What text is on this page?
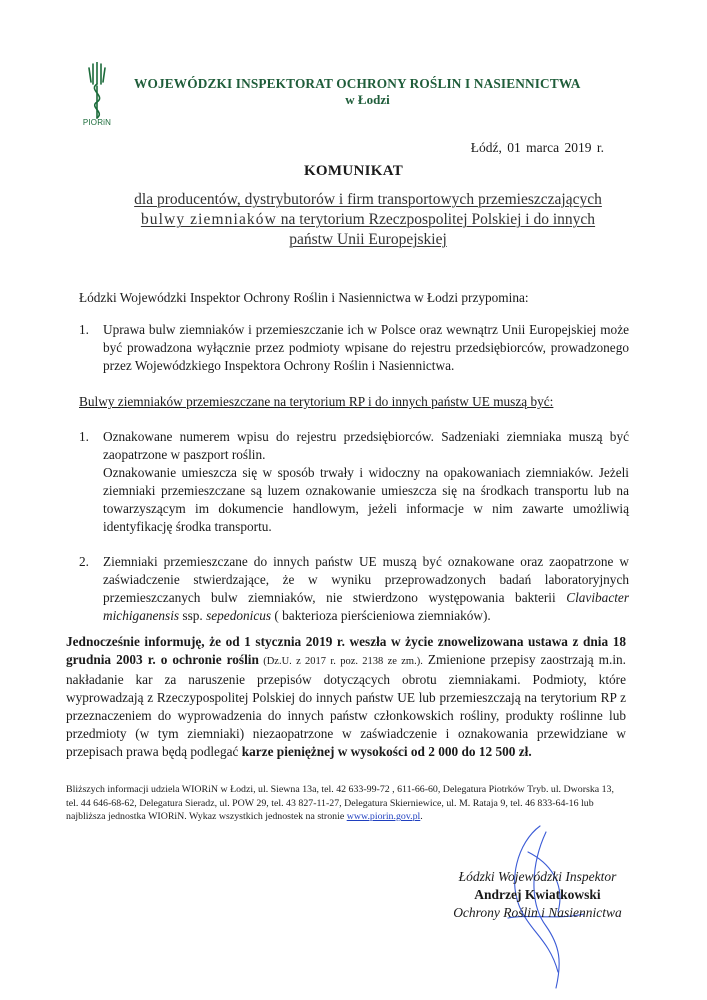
PIORiN
WOJEWÓDZKI INSPEKTORAT OCHRONY ROŚLIN I NASIENNICTWA
w Łodzi
Łódź, 01 marca 2019 r.
KOMUNIKAT
dla producentów, dystrybutorów i firm transportowych przemieszczających
bulwy ziemniaków na terytorium Rzeczpospolitej Polskiej i do innych
państw Unii Europejskiej
Łódzki Wojewódzki Inspektor Ochrony Roślin i Nasiennictwa w Łodzi przypomina:
1.	Uprawa bulw ziemniaków i przemieszczanie ich w Polsce oraz wewnątrz Unii Europejskiej może być prowadzona wyłącznie przez podmioty wpisane do rejestru przedsiębiorców, prowadzonego przez Wojewódzkiego Inspektora Ochrony Roślin i Nasiennictwa.
Bulwy ziemniaków przemieszczane na terytorium RP i do innych państw UE muszą być:
1.	Oznakowane numerem wpisu do rejestru przedsiębiorców. Sadzeniaki ziemniaka muszą być zaopatrzone w paszport roślin.
Oznakowanie umieszcza się w sposób trwały i widoczny na opakowaniach ziemniaków. Jeżeli ziemniaki przemieszczane są luzem oznakowanie umieszcza się na środkach transportu lub na towarzyszącym im dokumencie handlowym, jeżeli informacje w nim zawarte umożliwią identyfikację środka transportu.
2.	Ziemniaki przemieszczane do innych państw UE muszą być oznakowane oraz zaopatrzone w zaświadczenie stwierdzające, że w wyniku przeprowadzonych badań laboratoryjnych przemieszczanych bulw ziemniaków, nie stwierdzono występowania bakterii Clavibacter michiganensis ssp. sepedonicus ( bakterioza pierścieniowa ziemniaków).
Jednocześnie informuję, że od 1 stycznia 2019 r. weszła w życie znowelizowana ustawa z dnia 18 grudnia 2003 r. o ochronie roślin (Dz.U. z 2017 r. poz. 2138 ze zm.). Zmienione przepisy zaostrzają m.in. nakładanie kar za naruszenie przepisów dotyczących obrotu ziemniakami. Podmioty, które wyprowadzają z Rzeczypospolitej Polskiej do innych państw UE lub przemieszczają na terytorium RP z przeznaczeniem do wyprowadzenia do innych państw członkowskich rośliny, produkty roślinne lub przedmioty (w tym ziemniaki) niezaopatrzone w zaświadczenie i oznakowania przewidziane w przepisach prawa będą podlegać karze pieniężnej w wysokości od 2 000 do 12 500 zł.
Bliższych informacji udziela WIORiN w Łodzi, ul. Siewna 13a, tel. 42 633-99-72 , 611-66-60, Delegatura Piotrków Tryb. ul. Dworska 13, tel. 44 646-68-62, Delegatura Sieradz, ul. POW 29, tel. 43 827-11-27, Delegatura Skierniewice, ul. M. Rataja 9, tel. 46 833-64-16 lub najbliższa jednostka WIORiN. Wykaz wszystkich jednostek na stronie www.piorin.gov.pl.
Łódzki Wojewódzki Inspektor
Andrzej Kwiatkowski
Ochrony Roślin i Nasiennictwa
